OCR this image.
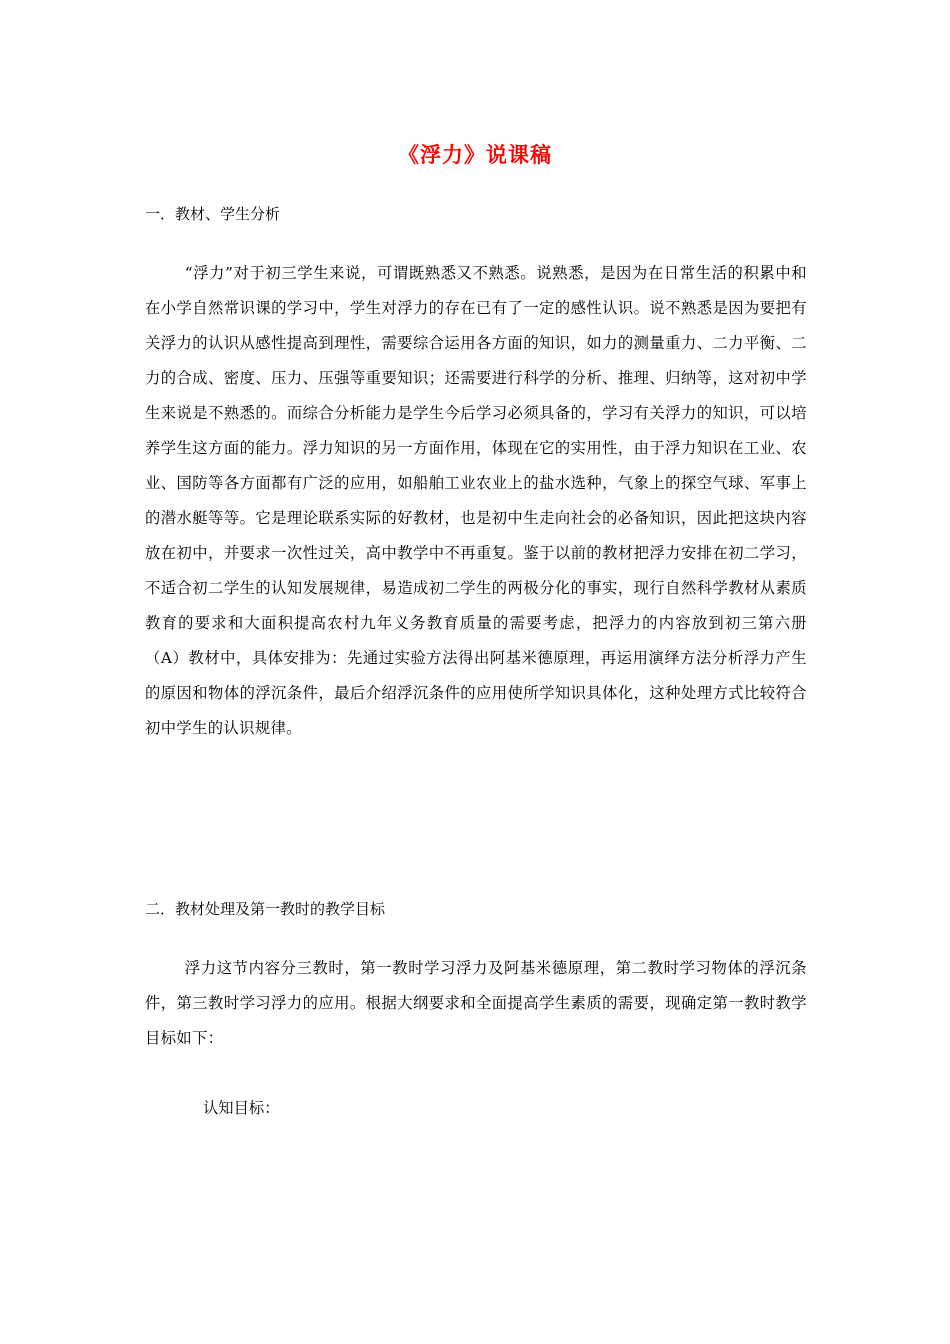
《浮力》说课稿
一．教材、学生分析
“浮力”对于初三学生来说，可谓既熟悉又不熟悉。说熟悉，是因为在日常生活的积累中和在小学自然常识课的学习中，学生对浮力的存在已有了一定的感性认识。说不熟悉是因为要把有关浮力的认识从感性提高到理性，需要综合运用各方面的知识，如力的测量重力、二力平衡、二力的合成、密度、压力、压强等重要知识；还需要进行科学的分析、推理、归纳等，这对初中学生来说是不熟悉的。而综合分析能力是学生今后学习必须具备的，学习有关浮力的知识，可以培养学生这方面的能力。浮力知识的另一方面作用，体现在它的实用性，由于浮力知识在工业、农业、国防等各方面都有广泛的应用，如船舶工业农业上的盐水选种，气象上的探空气球、军事上的潜水艇等等。它是理论联系实际的好教材，也是初中生走向社会的必备知识，因此把这块内容放在初中，并要求一次性过关，高中教学中不再重复。鉴于以前的教材把浮力安排在初二学习，不适合初二学生的认知发展规律，易造成初二学生的两极分化的事实，现行自然科学教材从素质教育的要求和大面积提高农村九年义务教育质量的需要考虑，把浮力的内容放到初三第六册（A）教材中，具体安排为：先通过实验方法得出阿基米德原理，再运用演绎方法分析浮力产生的原因和物体的浮沉条件，最后介绍浮沉条件的应用使所学知识具体化，这种处理方式比较符合初中学生的认识规律。
二．教材处理及第一教时的教学目标
浮力这节内容分三教时，第一教时学习浮力及阿基米德原理，第二教时学习物体的浮沉条件，第三教时学习浮力的应用。根据大纲要求和全面提高学生素质的需要，现确定第一教时教学目标如下：
认知目标：
